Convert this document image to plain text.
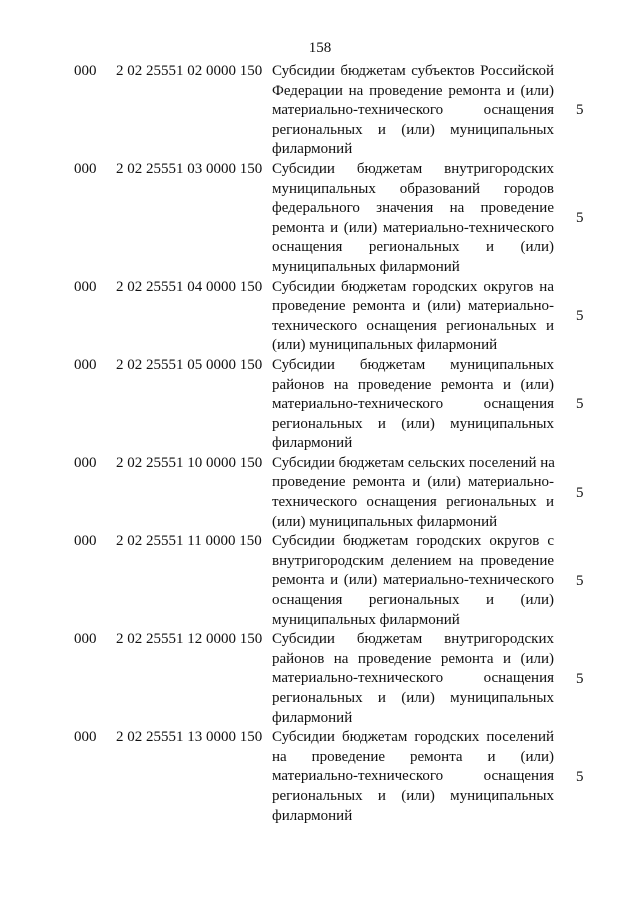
158
000 2 02 25551 02 0000 150 Субсидии бюджетам субъектов Российской
Федерации на проведение ремонта и (или)
материально-технического оснащения
региональных и (или) муниципальных
филармоний
5
000 2 02 25551 03 0000 150 Субсидии бюджетам внутригородских
муниципальных образований городов
федерального значения на проведение
ремонта и (или) материально-технического
оснащения региональных и (или)
муниципальных филармоний
5
000 2 02 25551 04 0000 150 Субсидии бюджетам городских округов на
проведение ремонта и (или) материально-
технического оснащения региональных и
(или) муниципальных филармоний
5
000 2 02 25551 05 0000 150 Субсидии бюджетам муниципальных
районов на проведение ремонта и (или)
материально-технического оснащения
региональных и (или) муниципальных
филармоний
5
000 2 02 25551 10 0000 150 Субсидии бюджетам сельских поселений на
проведение ремонта и (или) материально-
технического оснащения региональных и
(или) муниципальных филармоний
5
000 2 02 25551 11 0000 150 Субсидии бюджетам городских округов с
внутригородским делением на проведение
ремонта и (или) материально-технического
оснащения региональных и (или)
муниципальных филармоний
5
000 2 02 25551 12 0000 150 Субсидии бюджетам внутригородских
районов на проведение ремонта и (или)
материально-технического оснащения
региональных и (или) муниципальных
филармоний
5
000 2 02 25551 13 0000 150 Субсидии бюджетам городских поселений
на проведение ремонта и (или)
материально-технического оснащения
региональных и (или) муниципальных
филармоний
5
